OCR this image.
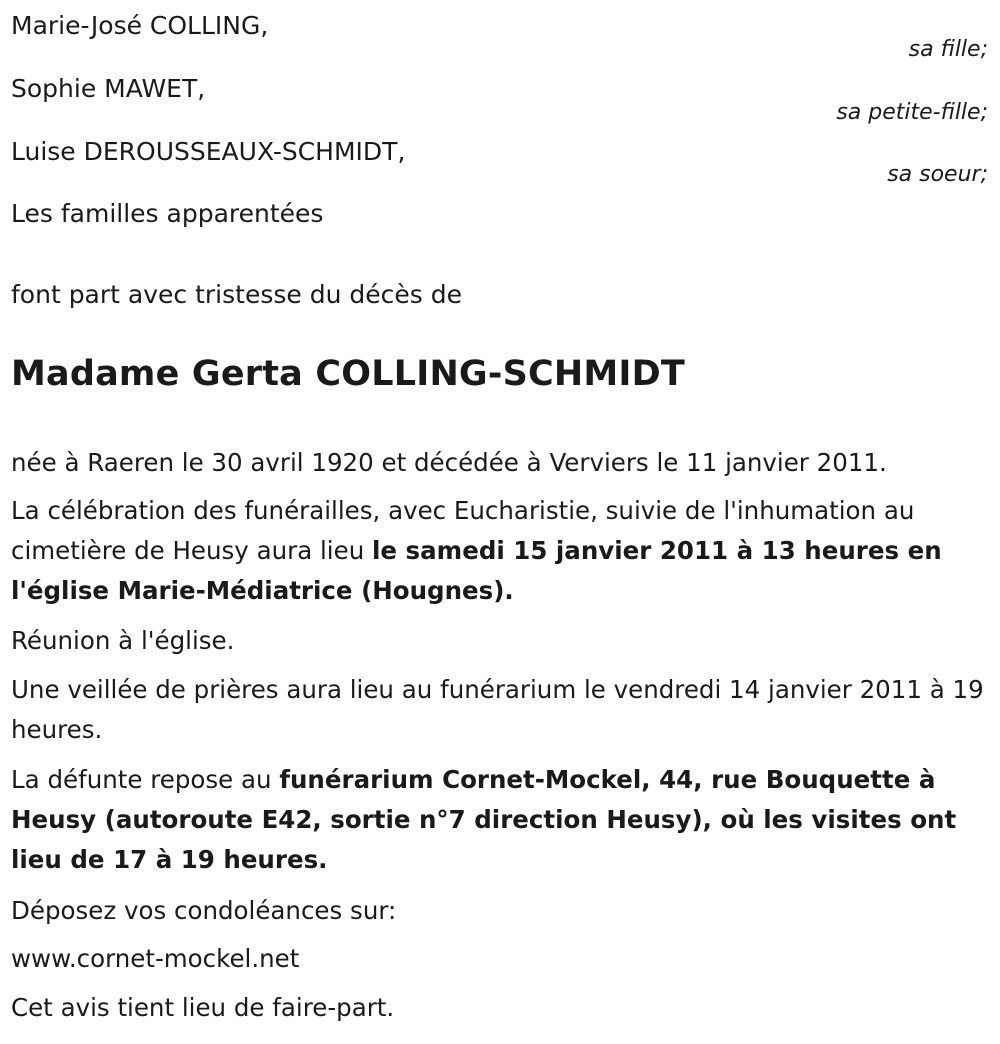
Marie-José COLLING,
sa fille;
Sophie MAWET,
sa petite-fille;
Luise DEROUSSEAUX-SCHMIDT,
sa soeur;
Les familles apparentées
font part avec tristesse du décès de
Madame Gerta COLLING-SCHMIDT

née à Raeren le 30 avril 1920 et décédée à Verviers le 11 janvier 2011.

La célébration des funérailles, avec Eucharistie, suivie de l'inhumation au cimetière de Heusy aura lieu le samedi 15 janvier 2011 à 13 heures en l'église Marie-Médiatrice (Hougnes).

Réunion à l'église.

Une veillée de prières aura lieu au funérarium le vendredi 14 janvier 2011 à 19 heures.

La défunte repose au funérarium Cornet-Mockel, 44, rue Bouquette à Heusy (autoroute E42, sortie n°7 direction Heusy), où les visites ont lieu de 17 à 19 heures.

Déposez vos condoléances sur:

www.cornet-mockel.net

Cet avis tient lieu de faire-part.
